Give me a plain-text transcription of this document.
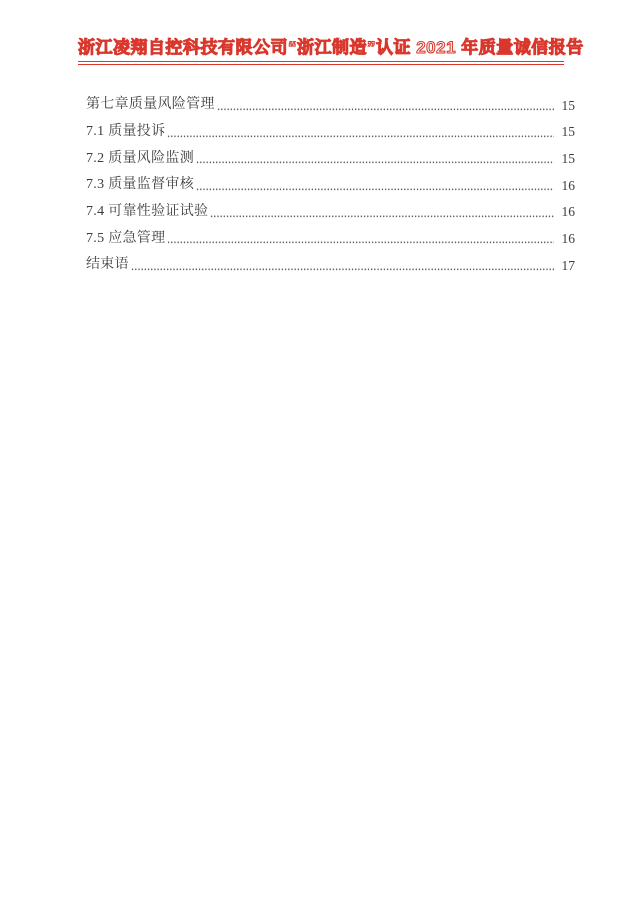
浙江凌翔自控科技有限公司 “浙江制造”认证 2021 年质量诚信报告
第七章质量风险管理	15
7.1 质量投诉	15
7.2 质量风险监测	15
7.3 质量监督审核	16
7.4 可靠性验证试验	16
7.5 应急管理	16
结束语	17
